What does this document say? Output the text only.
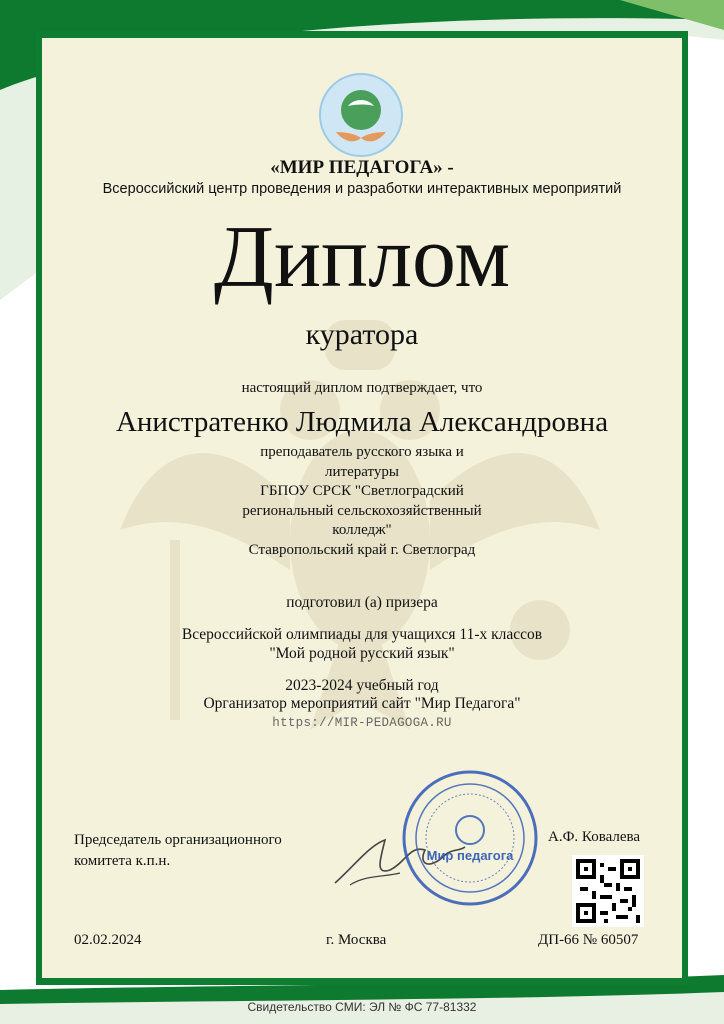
«МИР ПЕДАГОГА» -
Всероссийский центр проведения и разработки интерактивных мероприятий
Диплом
куратора
настоящий диплом подтверждает, что
Анистратенко Людмила Александровна
преподаватель русского языка и
литературы
ГБПОУ СРСК "Светлоградский
региональный сельскохозяйственный
колледж"
Ставропольский край г. Светлоград
подготовил (а) призера
Всероссийской олимпиады для учащихся 11-х классов
"Мой родной русский язык"
2023-2024 учебный год
Организатор мероприятий сайт "Мир Педагога"
https://MIR-PEDAGOGA.RU
Председатель организационного
комитета к.п.н.	Мир педагога
А.Ф. Ковалева
02.02.2024	г. Москва	ДП-66 № 60507
Свидетельство СМИ: ЭЛ № ФС 77-81332
